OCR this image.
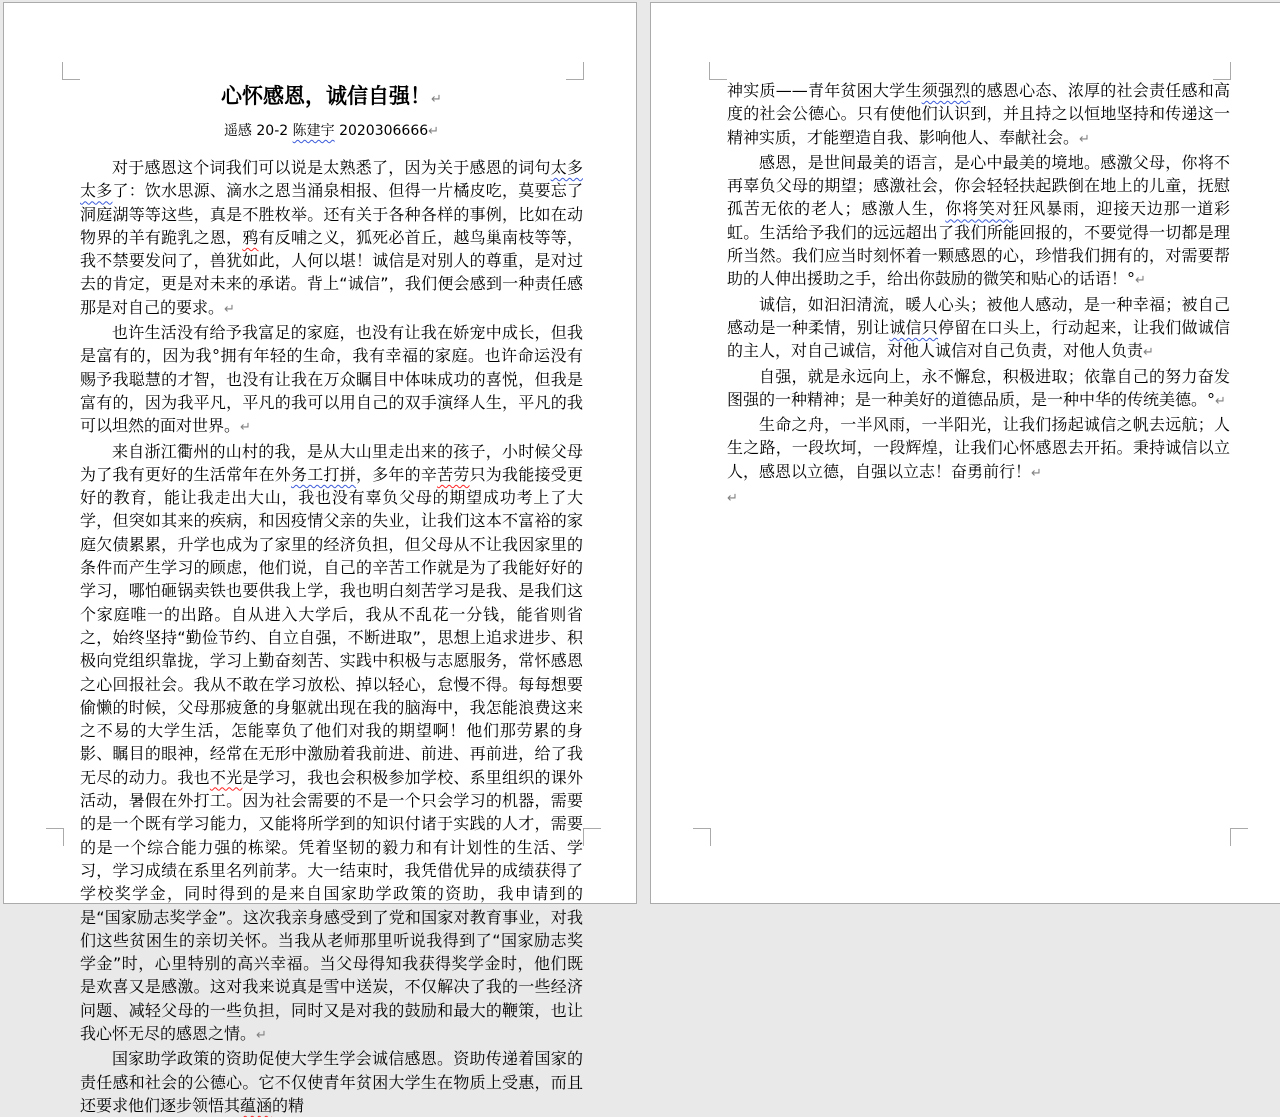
心怀感恩，诚信自强！↵
遥感 20-2 陈建宇 2020306666↵
对于感恩这个词我们可以说是太熟悉了，因为关于感恩的词句太多太多了：饮水思源、滴水之恩当涌泉相报、但得一片橘皮吃，莫要忘了洞庭湖等等这些，真是不胜枚举。还有关于各种各样的事例，比如在动物界的羊有跪乳之恩，鸦有反哺之义，狐死必首丘，越鸟巢南枝等等，我不禁要发问了，兽犹如此，人何以堪！诚信是对别人的尊重，是对过去的肯定，更是对未来的承诺。背上“诚信”，我们便会感到一种责任感那是对自己的要求。↵
也许生活没有给予我富足的家庭，也没有让我在娇宠中成长，但我是富有的，因为我°拥有年轻的生命，我有幸福的家庭。也许命运没有赐予我聪慧的才智，也没有让我在万众瞩目中体味成功的喜悦，但我是富有的，因为我平凡，平凡的我可以用自己的双手演绎人生，平凡的我可以坦然的面对世界。↵
来自浙江衢州的山村的我，是从大山里走出来的孩子，小时候父母为了我有更好的生活常年在外务工打拼，多年的辛苦劳只为我能接受更好的教育，能让我走出大山，我也没有辜负父母的期望成功考上了大学，但突如其来的疾病，和因疫情父亲的失业，让我们这本不富裕的家庭欠债累累，升学也成为了家里的经济负担，但父母从不让我因家里的条件而产生学习的顾虑，他们说，自己的辛苦工作就是为了我能好好的学习，哪怕砸锅卖铁也要供我上学，我也明白刻苦学习是我、是我们这个家庭唯一的出路。自从进入大学后，我从不乱花一分钱，能省则省之，始终坚持“勤俭节约、自立自强，不断进取”，思想上追求进步、积极向党组织靠拢，学习上勤奋刻苦、实践中积极与志愿服务，常怀感恩之心回报社会。我从不敢在学习放松、掉以轻心，怠慢不得。每每想要偷懒的时候，父母那疲惫的身躯就出现在我的脑海中，我怎能浪费这来之不易的大学生活，怎能辜负了他们对我的期望啊！他们那劳累的身影、瞩目的眼神，经常在无形中激励着我前进、前进、再前进，给了我无尽的动力。我也不光是学习，我也会积极参加学校、系里组织的课外活动，暑假在外打工。因为社会需要的不是一个只会学习的机器，需要的是一个既有学习能力，又能将所学到的知识付诸于实践的人才，需要的是一个综合能力强的栋梁。凭着坚韧的毅力和有计划性的生活、学习，学习成绩在系里名列前茅。大一结束时，我凭借优异的成绩获得了学校奖学金，同时得到的是来自国家助学政策的资助，我申请到的是“国家励志奖学金”。这次我亲身感受到了党和国家对教育事业，对我们这些贫困生的亲切关怀。当我从老师那里听说我得到了“国家励志奖学金”时，心里特别的高兴幸福。当父母得知我获得奖学金时，他们既是欢喜又是感激。这对我来说真是雪中送炭，不仅解决了我的一些经济问题、减轻父母的一些负担，同时又是对我的鼓励和最大的鞭策，也让我心怀无尽的感恩之情。↵
国家助学政策的资助促使大学生学会诚信感恩。资助传递着国家的责任感和社会的公德心。它不仅使青年贫困大学生在物质上受惠，而且还要求他们逐步领悟其蕴涵的精
神实质——青年贫困大学生须强烈的感恩心态、浓厚的社会责任感和高度的社会公德心。只有使他们认识到，并且持之以恒地坚持和传递这一精神实质，才能塑造自我、影响他人、奉献社会。↵
感恩，是世间最美的语言，是心中最美的境地。感激父母，你将不再辜负父母的期望；感激社会，你会轻轻扶起跌倒在地上的儿童，抚慰孤苦无依的老人；感激人生，你将笑对狂风暴雨，迎接天边那一道彩虹。生活给予我们的远远超出了我们所能回报的，不要觉得一切都是理所当然。我们应当时刻怀着一颗感恩的心，珍惜我们拥有的，对需要帮助的人伸出援助之手，给出你鼓励的微笑和贴心的话语！°↵
诚信，如汩汩清流，暖人心头；被他人感动，是一种幸福；被自己感动是一种柔情，别让诚信只停留在口头上，行动起来，让我们做诚信的主人，对自己诚信，对他人诚信对自己负责，对他人负责↵
自强，就是永远向上，永不懈怠，积极进取；依靠自己的努力奋发图强的一种精神；是一种美好的道德品质，是一种中华的传统美德。°↵
生命之舟，一半风雨，一半阳光，让我们扬起诚信之帆去远航；人生之路，一段坎坷，一段辉煌，让我们心怀感恩去开拓。秉持诚信以立人，感恩以立德，自强以立志！奋勇前行！↵
↵
